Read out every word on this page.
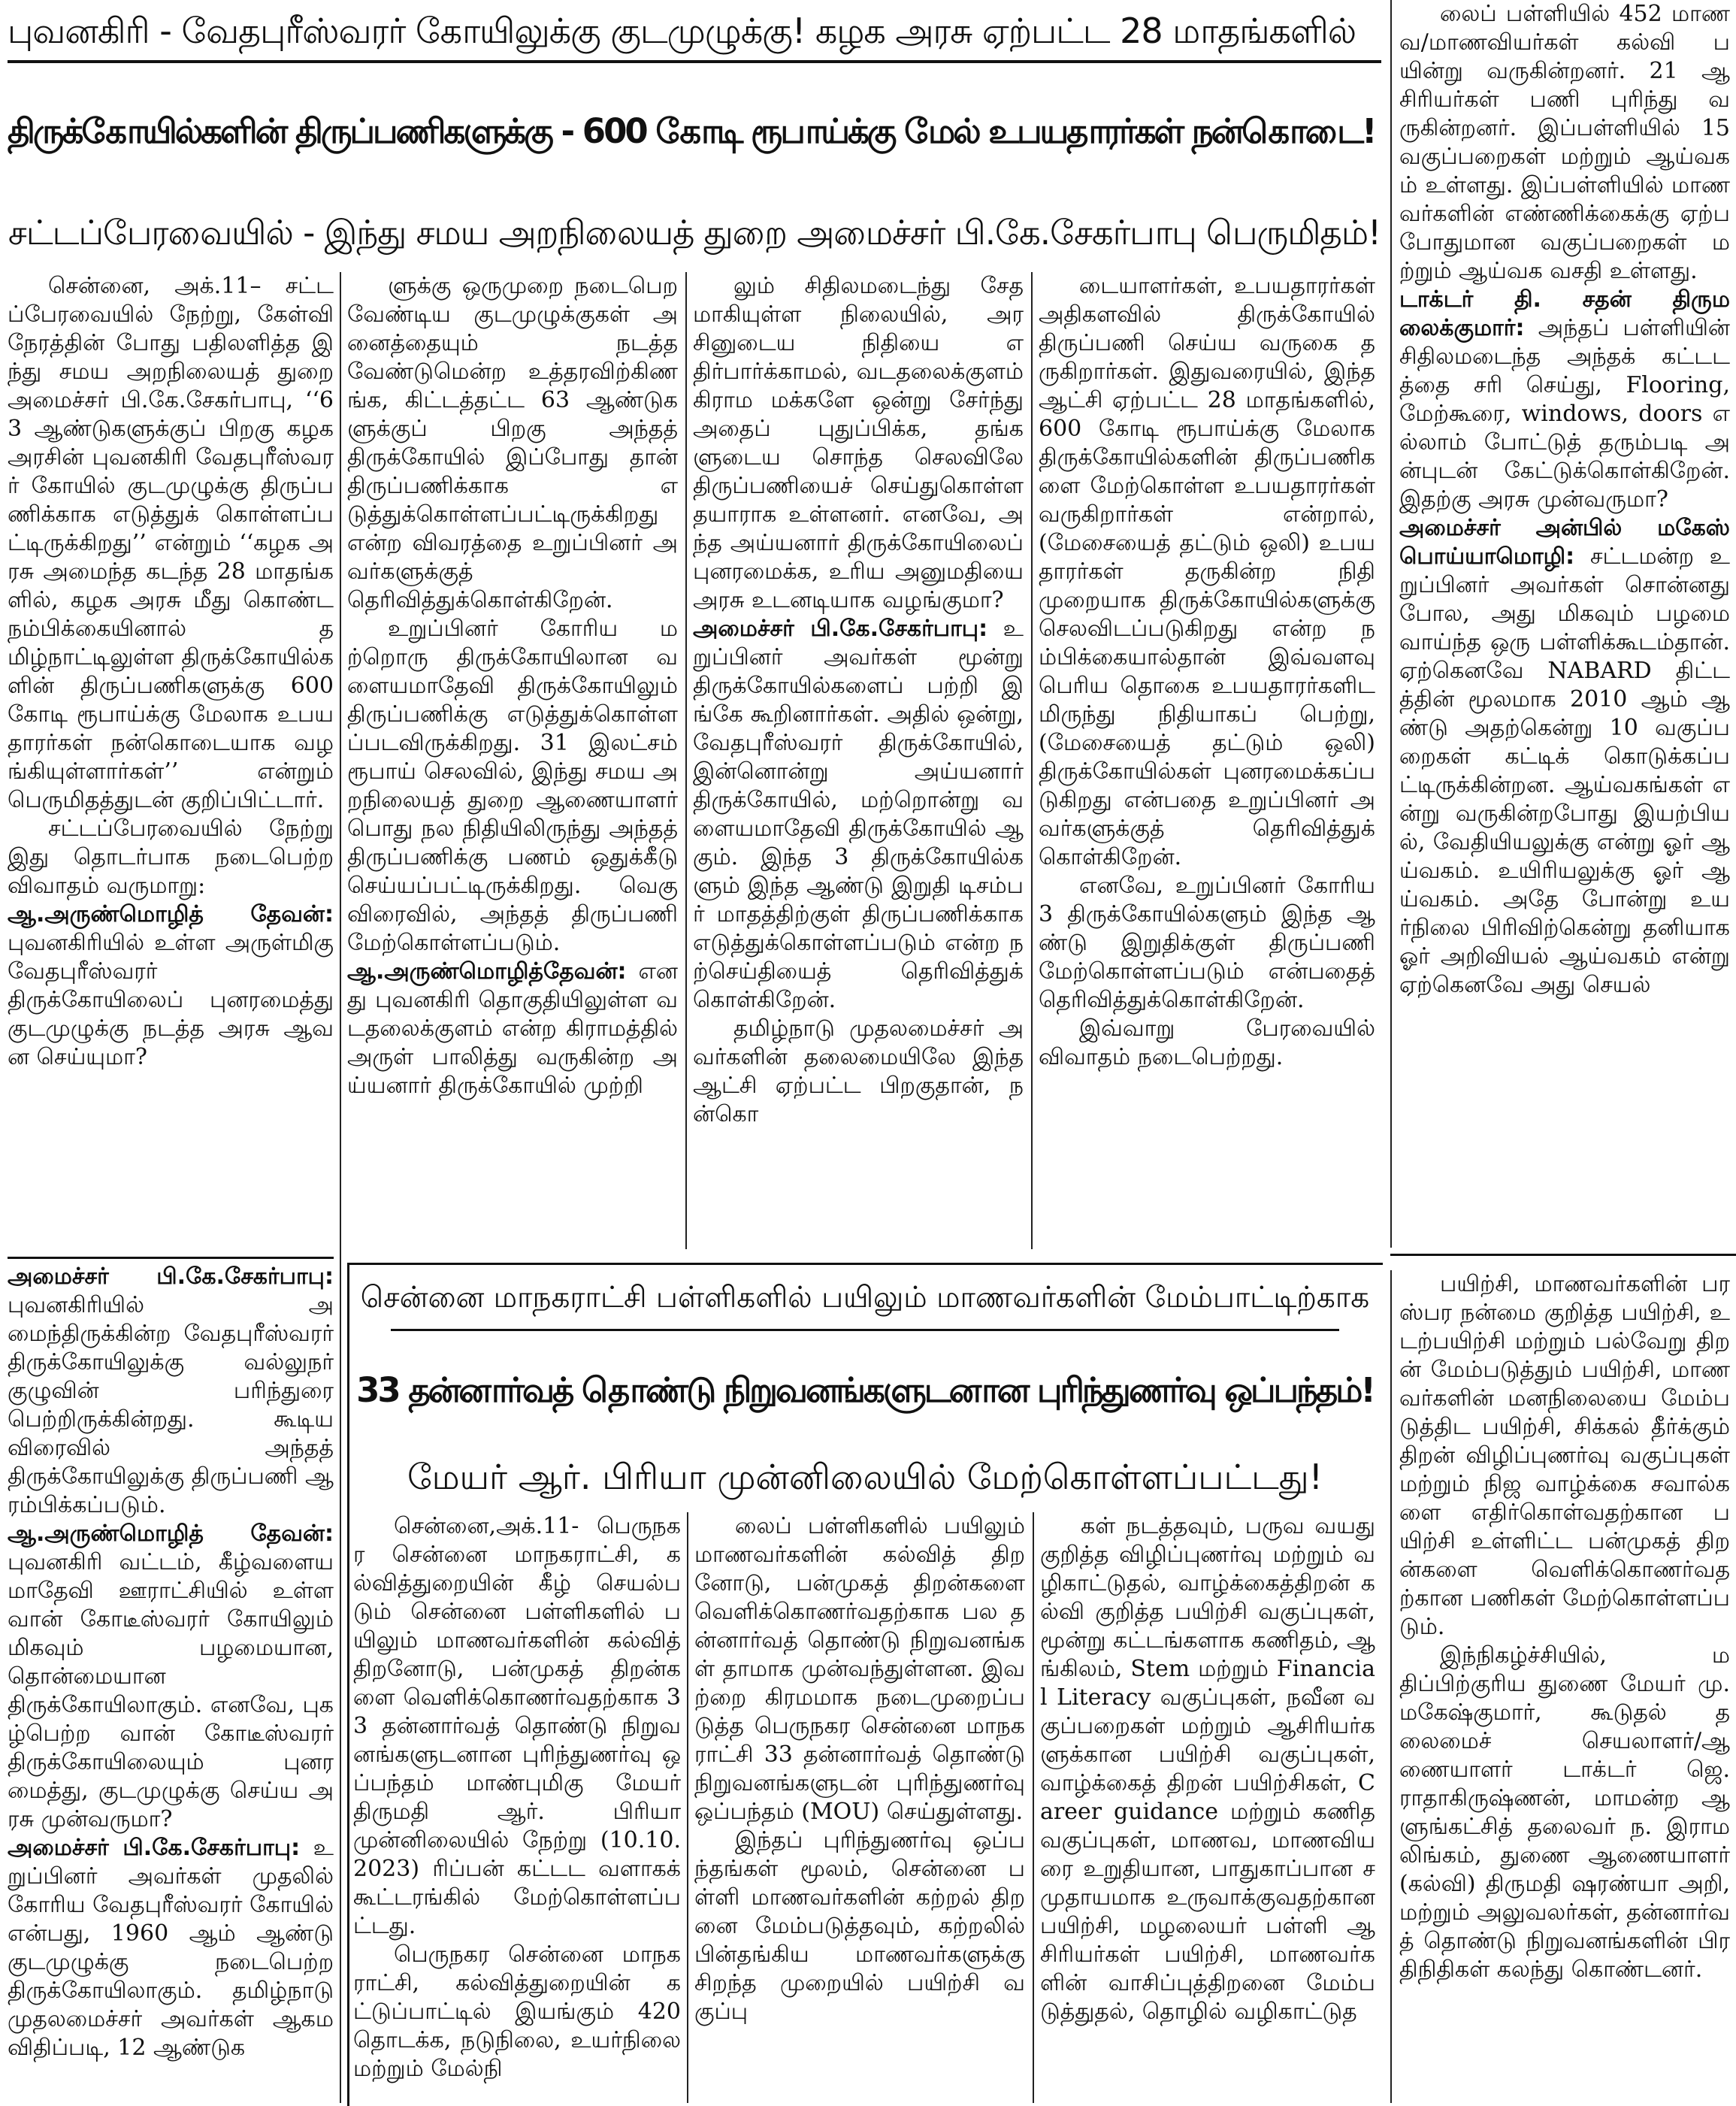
புவனகிரி - வேதபுரீஸ்வரர் கோயிலுக்கு குடமுழுக்கு! கழக அரசு ஏற்பட்ட 28 மாதங்களில்
திருக்கோயில்களின் திருப்பணிகளுக்கு - 600 கோடி ரூபாய்க்கு மேல் உபயதாரர்கள் நன்கொடை!
சட்டப்பேரவையில் - இந்து சமய அறநிலையத் துறை அமைச்சர் பி.கே.சேகர்பாபு பெருமிதம்!

சென்னை, அக்.11– சட்டப்பேரவையில் நேற்று, கேள்வி நேரத்தின் போது பதிலளித்த இந்து சமய அறநிலையத் துறை அமைச்சர் பி.கே.சேகர்பாபு, ‘‘63 ஆண்டுகளுக்குப் பிறகு கழக அரசின் புவனகிரி வேதபுரீஸ்வரர் கோயில் குடமுழுக்கு திருப்பணிக்காக எடுத்துக் கொள்ளப்பட்டிருக்கிறது’’ என்றும் ‘‘கழக அரசு அமைந்த கடந்த 28 மாதங்களில், கழக அரசு மீது கொண்ட நம்பிக்கையினால் தமிழ்நாட்டிலுள்ள திருக்கோயில்களின் திருப்பணிகளுக்கு 600 கோடி ரூபாய்க்கு மேலாக உபயதாரர்கள் நன்கொடையாக வழங்கியுள்ளார்கள்’’ என்றும் பெருமிதத்துடன் குறிப்பிட்டார்.

சட்டப்பேரவையில் நேற்று இது தொடர்பாக நடைபெற்ற விவாதம் வருமாறு:

ஆ.அருண்மொழித் தேவன்: புவனகிரியில் உள்ள அருள்மிகு வேதபுரீஸ்வரர் திருக்கோயிலைப் புனரமைத்து குடமுழுக்கு நடத்த அரசு ஆவன செய்யுமா?

அமைச்சர் பி.கே.சேகர்பாபு: புவனகிரியில் அமைந்திருக்கின்ற வேதபுரீஸ்வரர் திருக்கோயிலுக்கு வல்லுநர் குழுவின் பரிந்துரை பெற்றிருக்கின்றது. கூடிய விரைவில் அந்தத் திருக்கோயிலுக்கு திருப்பணி ஆரம்பிக்கப்படும்.

ஆ.அருண்மொழித் தேவன்: புவனகிரி வட்டம், கீழ்வளையமாதேவி ஊராட்சியில் உள்ள வான் கோடீஸ்வரர் கோயிலும் மிகவும் பழமையான, தொன்மையான திருக்கோயிலாகும். எனவே, புகழ்பெற்ற வான் கோடீஸ்வரர் திருக்கோயிலையும் புனரமைத்து, குடமுழுக்கு செய்ய அரசு முன்வருமா?

அமைச்சர் பி.கே.சேகர்பாபு: உறுப்பினர் அவர்கள் முதலில் கோரிய வேதபுரீஸ்வரர் கோயில் என்பது, 1960 ஆம் ஆண்டு குடமுழுக்கு நடைபெற்ற திருக்கோயிலாகும். தமிழ்நாடு முதலமைச்சர் அவர்கள் ஆகம விதிப்படி, 12 ஆண்டுக

ளுக்கு ஒருமுறை நடைபெற வேண்டிய குடமுழுக்குகள் அனைத்தையும் நடத்த வேண்டுமென்ற உத்தரவிற்கிணங்க, கிட்டத்தட்ட 63 ஆண்டுகளுக்குப் பிறகு அந்தத் திருக்கோயில் இப்போது தான் திருப்பணிக்காக எடுத்துக்கொள்ளப்பட்டிருக்கிறது என்ற விவரத்தை உறுப்பினர் அவர்களுக்குத் தெரிவித்துக்கொள்கிறேன்.

உறுப்பினர் கோரிய மற்றொரு திருக்கோயிலான வளையமாதேவி திருக்கோயிலும் திருப்பணிக்கு எடுத்துக்கொள்ளப்படவிருக்கிறது. 31 இலட்சம் ரூபாய் செலவில், இந்து சமய அறநிலையத் துறை ஆணையாளர் பொது நல நிதியிலிருந்து அந்தத் திருப்பணிக்கு பணம் ஒதுக்கீடு செய்யப்பட்டிருக்கிறது. வெகு விரைவில், அந்தத் திருப்பணி மேற்கொள்ளப்படும்.

ஆ.அருண்மொழித்தேவன்: எனது புவனகிரி தொகுதியிலுள்ள வடதலைக்குளம் என்ற கிராமத்தில் அருள் பாலித்து வருகின்ற அய்யனார் திருக்கோயில் முற்றி

லும் சிதிலமடைந்து சேதமாகியுள்ள நிலையில், அரசினுடைய நிதியை எதிர்பார்க்காமல், வடதலைக்குளம் கிராம மக்களே ஒன்று சேர்ந்து அதைப் புதுப்பிக்க, தங்களுடைய சொந்த செலவிலே திருப்பணியைச் செய்துகொள்ள தயாராக உள்ளனர். எனவே, அந்த அய்யனார் திருக்கோயிலைப் புனரமைக்க, உரிய அனுமதியை அரசு உடனடியாக வழங்குமா?

அமைச்சர் பி.கே.சேகர்பாபு: உறுப்பினர் அவர்கள் மூன்று திருக்கோயில்களைப் பற்றி இங்கே கூறினார்கள். அதில் ஒன்று, வேதபுரீஸ்வரர் திருக்கோயில், இன்னொன்று அய்யனார் திருக்கோயில், மற்றொன்று வளையமாதேவி திருக்கோயில் ஆகும். இந்த 3 திருக்கோயில்களும் இந்த ஆண்டு இறுதி டிசம்பர் மாதத்திற்குள் திருப்பணிக்காக எடுத்துக்கொள்ளப்படும் என்ற நற்செய்தியைத் தெரிவித்துக் கொள்கிறேன்.

தமிழ்நாடு முதலமைச்சர் அவர்களின் தலைமையிலே இந்த ஆட்சி ஏற்பட்ட பிறகுதான், நன்கொ

டையாளர்கள், உபயதாரர்கள் அதிகளவில் திருக்கோயில் திருப்பணி செய்ய வருகை தருகிறார்கள். இதுவரையில், இந்த ஆட்சி ஏற்பட்ட 28 மாதங்களில், 600 கோடி ரூபாய்க்கு மேலாக திருக்கோயில்களின் திருப்பணிகளை மேற்கொள்ள உபயதாரர்கள் வருகிறார்கள் என்றால், (மேசையைத் தட்டும் ஒலி) உபயதாரர்கள் தருகின்ற நிதி முறையாக திருக்கோயில்களுக்கு செலவிடப்படுகிறது என்ற நம்பிக்கையால்தான் இவ்வளவு பெரிய தொகை உபயதாரர்களிடமிருந்து நிதியாகப் பெற்று, (மேசையைத் தட்டும் ஒலி) திருக்கோயில்கள் புனரமைக்கப்படுகிறது என்பதை உறுப்பினர் அவர்களுக்குத் தெரிவித்துக் கொள்கிறேன்.

எனவே, உறுப்பினர் கோரிய 3 திருக்கோயில்களும் இந்த ஆண்டு இறுதிக்குள் திருப்பணி மேற்கொள்ளப்படும் என்பதைத் தெரிவித்துக்கொள்கிறேன்.

இவ்வாறு பேரவையில் விவாதம் நடைபெற்றது.

லைப் பள்ளியில் 452 மாணவ/மாணவியர்கள் கல்வி பயின்று வருகின்றனர். 21 ஆசிரியர்கள் பணி புரிந்து வருகின்றனர். இப்பள்ளியில் 15 வகுப்பறைகள் மற்றும் ஆய்வகம் உள்ளது. இப்பள்ளியில் மாணவர்களின் எண்ணிக்கைக்கு ஏற்ப போதுமான வகுப்பறைகள் மற்றும் ஆய்வக வசதி உள்ளது.

டாக்டர் தி. சதன் திருமலைக்குமார்: அந்தப் பள்ளியின் சிதிலமடைந்த அந்தக் கட்டடத்தை சரி செய்து, Flooring, மேற்கூரை, windows, doors எல்லாம் போட்டுத் தரும்படி அன்புடன் கேட்டுக்கொள்கிறேன். இதற்கு அரசு முன்வருமா?

அமைச்சர் அன்பில் மகேஸ் பொய்யாமொழி: சட்டமன்ற உறுப்பினர் அவர்கள் சொன்னது போல, அது மிகவும் பழமை வாய்ந்த ஒரு பள்ளிக்கூடம்தான். ஏற்கெனவே NABARD திட்டத்தின் மூலமாக 2010 ஆம் ஆண்டு அதற்கென்று 10 வகுப்பறைகள் கட்டிக் கொடுக்கப்பட்டிருக்கின்றன. ஆய்வகங்கள் என்று வருகின்றபோது இயற்பியல், வேதியியலுக்கு என்று ஓர் ஆய்வகம். உயிரியலுக்கு ஓர் ஆய்வகம். அதே போன்று உயர்நிலை பிரிவிற்கென்று தனியாக ஓர் அறிவியல் ஆய்வகம் என்று ஏற்கெனவே அது செயல்

சென்னை மாநகராட்சி பள்ளிகளில் பயிலும் மாணவர்களின் மேம்பாட்டிற்காக
33 தன்னார்வத் தொண்டு நிறுவனங்களுடனான புரிந்துணர்வு ஒப்பந்தம்!
மேயர் ஆர். பிரியா முன்னிலையில் மேற்கொள்ளப்பட்டது!

சென்னை,அக்.11- பெருநகர சென்னை மாநகராட்சி, கல்வித்துறையின் கீழ் செயல்படும் சென்னை பள்ளிகளில் பயிலும் மாணவர்களின் கல்வித் திறனோடு, பன்முகத் திறன்களை வெளிக்கொணர்வதற்காக 33 தன்னார்வத் தொண்டு நிறுவனங்களுடனான புரிந்துணர்வு ஒப்பந்தம் மாண்புமிகு மேயர் திருமதி ஆர். பிரியா முன்னிலையில் நேற்று (10.10.2023) ரிப்பன் கட்டட வளாகக் கூட்டரங்கில் மேற்கொள்ளப்பட்டது.

பெருநகர சென்னை மாநகராட்சி, கல்வித்துறையின் கட்டுப்பாட்டில் இயங்கும் 420 தொடக்க, நடுநிலை, உயர்நிலை மற்றும் மேல்நி

லைப் பள்ளிகளில் பயிலும் மாணவர்களின் கல்வித் திறனோடு, பன்முகத் திறன்களை வெளிக்கொணர்வதற்காக பல தன்னார்வத் தொண்டு நிறுவனங்கள் தாமாக முன்வந்துள்ளன. இவற்றை கிரமமாக நடைமுறைப்படுத்த பெருநகர சென்னை மாநகராட்சி 33 தன்னார்வத் தொண்டு நிறுவனங்களுடன் புரிந்துணர்வு ஒப்பந்தம் (MOU) செய்துள்ளது.

இந்தப் புரிந்துணர்வு ஒப்பந்தங்கள் மூலம், சென்னை பள்ளி மாணவர்களின் கற்றல் திறனை மேம்படுத்தவும், கற்றலில் பின்தங்கிய மாணவர்களுக்கு சிறந்த முறையில் பயிற்சி வகுப்பு

கள் நடத்தவும், பருவ வயது குறித்த விழிப்புணர்வு மற்றும் வழிகாட்டுதல், வாழ்க்கைத்திறன் கல்வி குறித்த பயிற்சி வகுப்புகள், மூன்று கட்டங்களாக கணிதம், ஆங்கிலம், Stem மற்றும் Financial Literacy வகுப்புகள், நவீன வகுப்பறைகள் மற்றும் ஆசிரியர்களுக்கான பயிற்சி வகுப்புகள், வாழ்க்கைத் திறன் பயிற்சிகள், Career guidance மற்றும் கணித வகுப்புகள், மாணவ, மாணவியரை உறுதியான, பாதுகாப்பான சமுதாயமாக உருவாக்குவதற்கான பயிற்சி, மழலையர் பள்ளி ஆசிரியர்கள் பயிற்சி, மாணவர்களின் வாசிப்புத்திறனை மேம்படுத்துதல், தொழில் வழிகாட்டுத

பயிற்சி, மாணவர்களின் பரஸ்பர நன்மை குறித்த பயிற்சி, உடற்பயிற்சி மற்றும் பல்வேறு திறன் மேம்படுத்தும் பயிற்சி, மாணவர்களின் மனநிலையை மேம்படுத்திட பயிற்சி, சிக்கல் தீர்க்கும் திறன் விழிப்புணர்வு வகுப்புகள் மற்றும் நிஜ வாழ்க்கை சவால்களை எதிர்கொள்வதற்கான பயிற்சி உள்ளிட்ட பன்முகத் திறன்களை வெளிக்கொணர்வதற்கான பணிகள் மேற்கொள்ளப்படும்.

இந்நிகழ்ச்சியில், மதிப்பிற்குரிய துணை மேயர் மு.மகேஷ்குமார், கூடுதல் தலைமைச் செயலாளர்/ஆணையாளர் டாக்டர் ஜெ. ராதாகிருஷ்ணன், மாமன்ற ஆளுங்கட்சித் தலைவர் ந. இராமலிங்கம், துணை ஆணையாளர் (கல்வி) திருமதி ஷரண்யா அறி, மற்றும் அலுவலர்கள், தன்னார்வத் தொண்டு நிறுவனங்களின் பிரதிநிதிகள் கலந்து கொண்டனர்.
